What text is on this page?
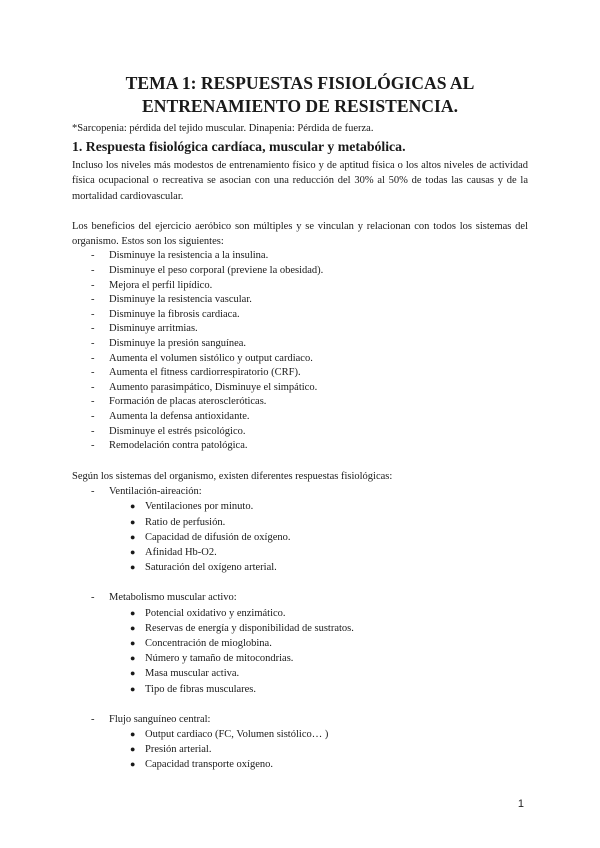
TEMA 1: RESPUESTAS FISIOLÓGICAS AL
ENTRENAMIENTO DE RESISTENCIA.

*Sarcopenia: pérdida del tejido muscular. Dinapenia: Pérdida de fuerza.

1. Respuesta fisiológica cardíaca, muscular y metabólica.

Incluso los niveles más modestos de entrenamiento físico y de aptitud física o los altos niveles de actividad física ocupacional o recreativa se asocian con una reducción del 30% al 50% de todas las causas y de la mortalidad cardiovascular.

Los beneficios del ejercicio aeróbico son múltiples y se vinculan y relacionan con todos los sistemas del organismo. Estos son los siguientes:

- Disminuye la resistencia a la insulina.
- Disminuye el peso corporal (previene la obesidad).
- Mejora el perfil lipídico.
- Disminuye la resistencia vascular.
- Disminuye la fibrosis cardiaca.
- Disminuye arritmias.
- Disminuye la presión sanguínea.
- Aumenta el volumen sistólico y output cardiaco.
- Aumenta el fitness cardiorrespiratorio (CRF).
- Aumento parasimpático, Disminuye el simpático.
- Formación de placas ateroscleróticas.
- Aumenta la defensa antioxidante.
- Disminuye el estrés psicológico.
- Remodelación contra patológica.

Según los sistemas del organismo, existen diferentes respuestas fisiológicas:

- Ventilación-aireación:
● Ventilaciones por minuto.
● Ratio de perfusión.
● Capacidad de difusión de oxígeno.
● Afinidad Hb-O2.
● Saturación del oxígeno arterial.
- Metabolismo muscular activo:
● Potencial oxidativo y enzimático.
● Reservas de energía y disponibilidad de sustratos.
● Concentración de mioglobina.
● Número y tamaño de mitocondrias.
● Masa muscular activa.
● Tipo de fibras musculares.
- Flujo sanguíneo central:
● Output cardiaco (FC, Volumen sistólico… )
● Presión arterial.
● Capacidad transporte oxígeno.
1
